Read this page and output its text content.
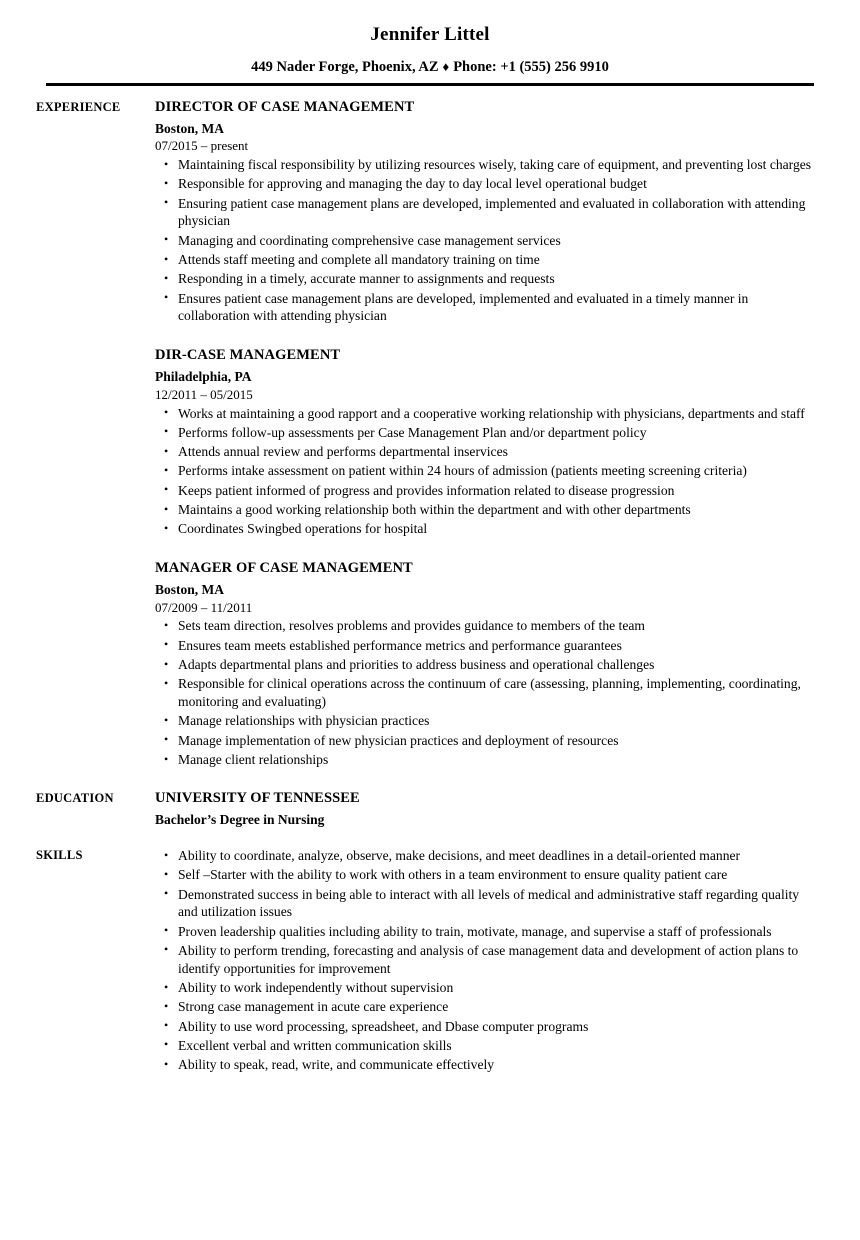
Jennifer Littel
449 Nader Forge, Phoenix, AZ ♦ Phone: +1 (555) 256 9910
EXPERIENCE	DIRECTOR OF CASE MANAGEMENT
Boston, MA
07/2015 – present
• Maintaining fiscal responsibility by utilizing resources wisely, taking care of equipment, and preventing lost charges
• Responsible for approving and managing the day to day local level operational budget
• Ensuring patient case management plans are developed, implemented and evaluated in collaboration with attending physician
• Managing and coordinating comprehensive case management services
• Attends staff meeting and complete all mandatory training on time
• Responding in a timely, accurate manner to assignments and requests
• Ensures patient case management plans are developed, implemented and evaluated in a timely manner in collaboration with attending physician
DIR-CASE MANAGEMENT
Philadelphia, PA
12/2011 – 05/2015
• Works at maintaining a good rapport and a cooperative working relationship with physicians, departments and staff
• Performs follow-up assessments per Case Management Plan and/or department policy
• Attends annual review and performs departmental inservices
• Performs intake assessment on patient within 24 hours of admission (patients meeting screening criteria)
• Keeps patient informed of progress and provides information related to disease progression
• Maintains a good working relationship both within the department and with other departments
• Coordinates Swingbed operations for hospital
MANAGER OF CASE MANAGEMENT
Boston, MA
07/2009 – 11/2011
• Sets team direction, resolves problems and provides guidance to members of the team
• Ensures team meets established performance metrics and performance guarantees
• Adapts departmental plans and priorities to address business and operational challenges
• Responsible for clinical operations across the continuum of care (assessing, planning, implementing, coordinating, monitoring and evaluating)
• Manage relationships with physician practices
• Manage implementation of new physician practices and deployment of resources
• Manage client relationships
EDUCATION	UNIVERSITY OF TENNESSEE
Bachelor’s Degree in Nursing
SKILLS	• Ability to coordinate, analyze, observe, make decisions, and meet deadlines in a detail-oriented manner
• Self –Starter with the ability to work with others in a team environment to ensure quality patient care
• Demonstrated success in being able to interact with all levels of medical and administrative staff regarding quality and utilization issues
• Proven leadership qualities including ability to train, motivate, manage, and supervise a staff of professionals
• Ability to perform trending, forecasting and analysis of case management data and development of action plans to identify opportunities for improvement
• Ability to work independently without supervision
• Strong case management in acute care experience
• Ability to use word processing, spreadsheet, and Dbase computer programs
• Excellent verbal and written communication skills
• Ability to speak, read, write, and communicate effectively
